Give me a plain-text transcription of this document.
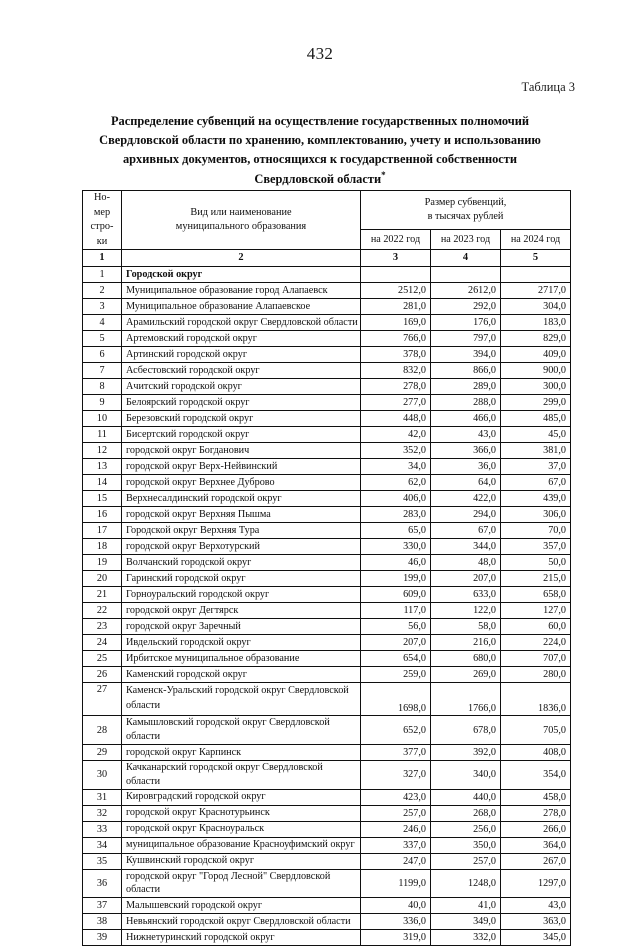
432
Таблица 3
Распределение субвенций на осуществление государственных полномочий
Свердловской области по хранению, комплектованию, учету и использованию
архивных документов, относящихся к государственной собственности
Свердловской области*
Но-
мер
стро-
ки	Вид или наименование
муниципального образования	Размер субвенций,
в тысячах рублей		
		на 2022 год	на 2023 год	на 2024 год
1	2	3	4	5
1	Городской округ			
2	Муниципальное образование город Алапаевск	2512,0	2612,0	2717,0
3	Муниципальное образование Алапаевское	281,0	292,0	304,0
4	Арамильский городской округ Свердловской области	169,0	176,0	183,0
5	Артемовский городской округ	766,0	797,0	829,0
6	Артинский городской округ	378,0	394,0	409,0
7	Асбестовский городской округ	832,0	866,0	900,0
8	Ачитский городской округ	278,0	289,0	300,0
9	Белоярский городской округ	277,0	288,0	299,0
10	Березовский городской округ	448,0	466,0	485,0
11	Бисертский городской округ	42,0	43,0	45,0
12	городской округ Богданович	352,0	366,0	381,0
13	городской округ Верх-Нейвинский	34,0	36,0	37,0
14	городской округ Верхнее Дуброво	62,0	64,0	67,0
15	Верхнесалдинский городской округ	406,0	422,0	439,0
16	городской округ Верхняя Пышма	283,0	294,0	306,0
17	Городской округ Верхняя Тура	65,0	67,0	70,0
18	городской округ Верхотурский	330,0	344,0	357,0
19	Волчанский городской округ	46,0	48,0	50,0
20	Гаринский городской округ	199,0	207,0	215,0
21	Горноуральский городской округ	609,0	633,0	658,0
22	городской округ Дегтярск	117,0	122,0	127,0
23	городской округ Заречный	56,0	58,0	60,0
24	Ивдельский городской округ	207,0	216,0	224,0
25	Ирбитское муниципальное образование	654,0	680,0	707,0
26	Каменский городской округ	259,0	269,0	280,0
27	Каменск-Уральский городской округ Свердловской
области	1698,0	1766,0	1836,0
28	Камышловский городской округ Свердловской области	652,0	678,0	705,0
29	городской округ Карпинск	377,0	392,0	408,0
30	Качканарский городской округ Свердловской области	327,0	340,0	354,0
31	Кировградский городской округ	423,0	440,0	458,0
32	городской округ Краснотурьинск	257,0	268,0	278,0
33	городской округ Красноуральск	246,0	256,0	266,0
34	муниципальное образование Красноуфимский округ	337,0	350,0	364,0
35	Кушвинский городской округ	247,0	257,0	267,0
36	городской округ "Город Лесной" Свердловской области	1199,0	1248,0	1297,0
37	Малышевский городской округ	40,0	41,0	43,0
38	Невьянский городской округ Свердловской области	336,0	349,0	363,0
39	Нижнетуринский городской округ	319,0	332,0	345,0
